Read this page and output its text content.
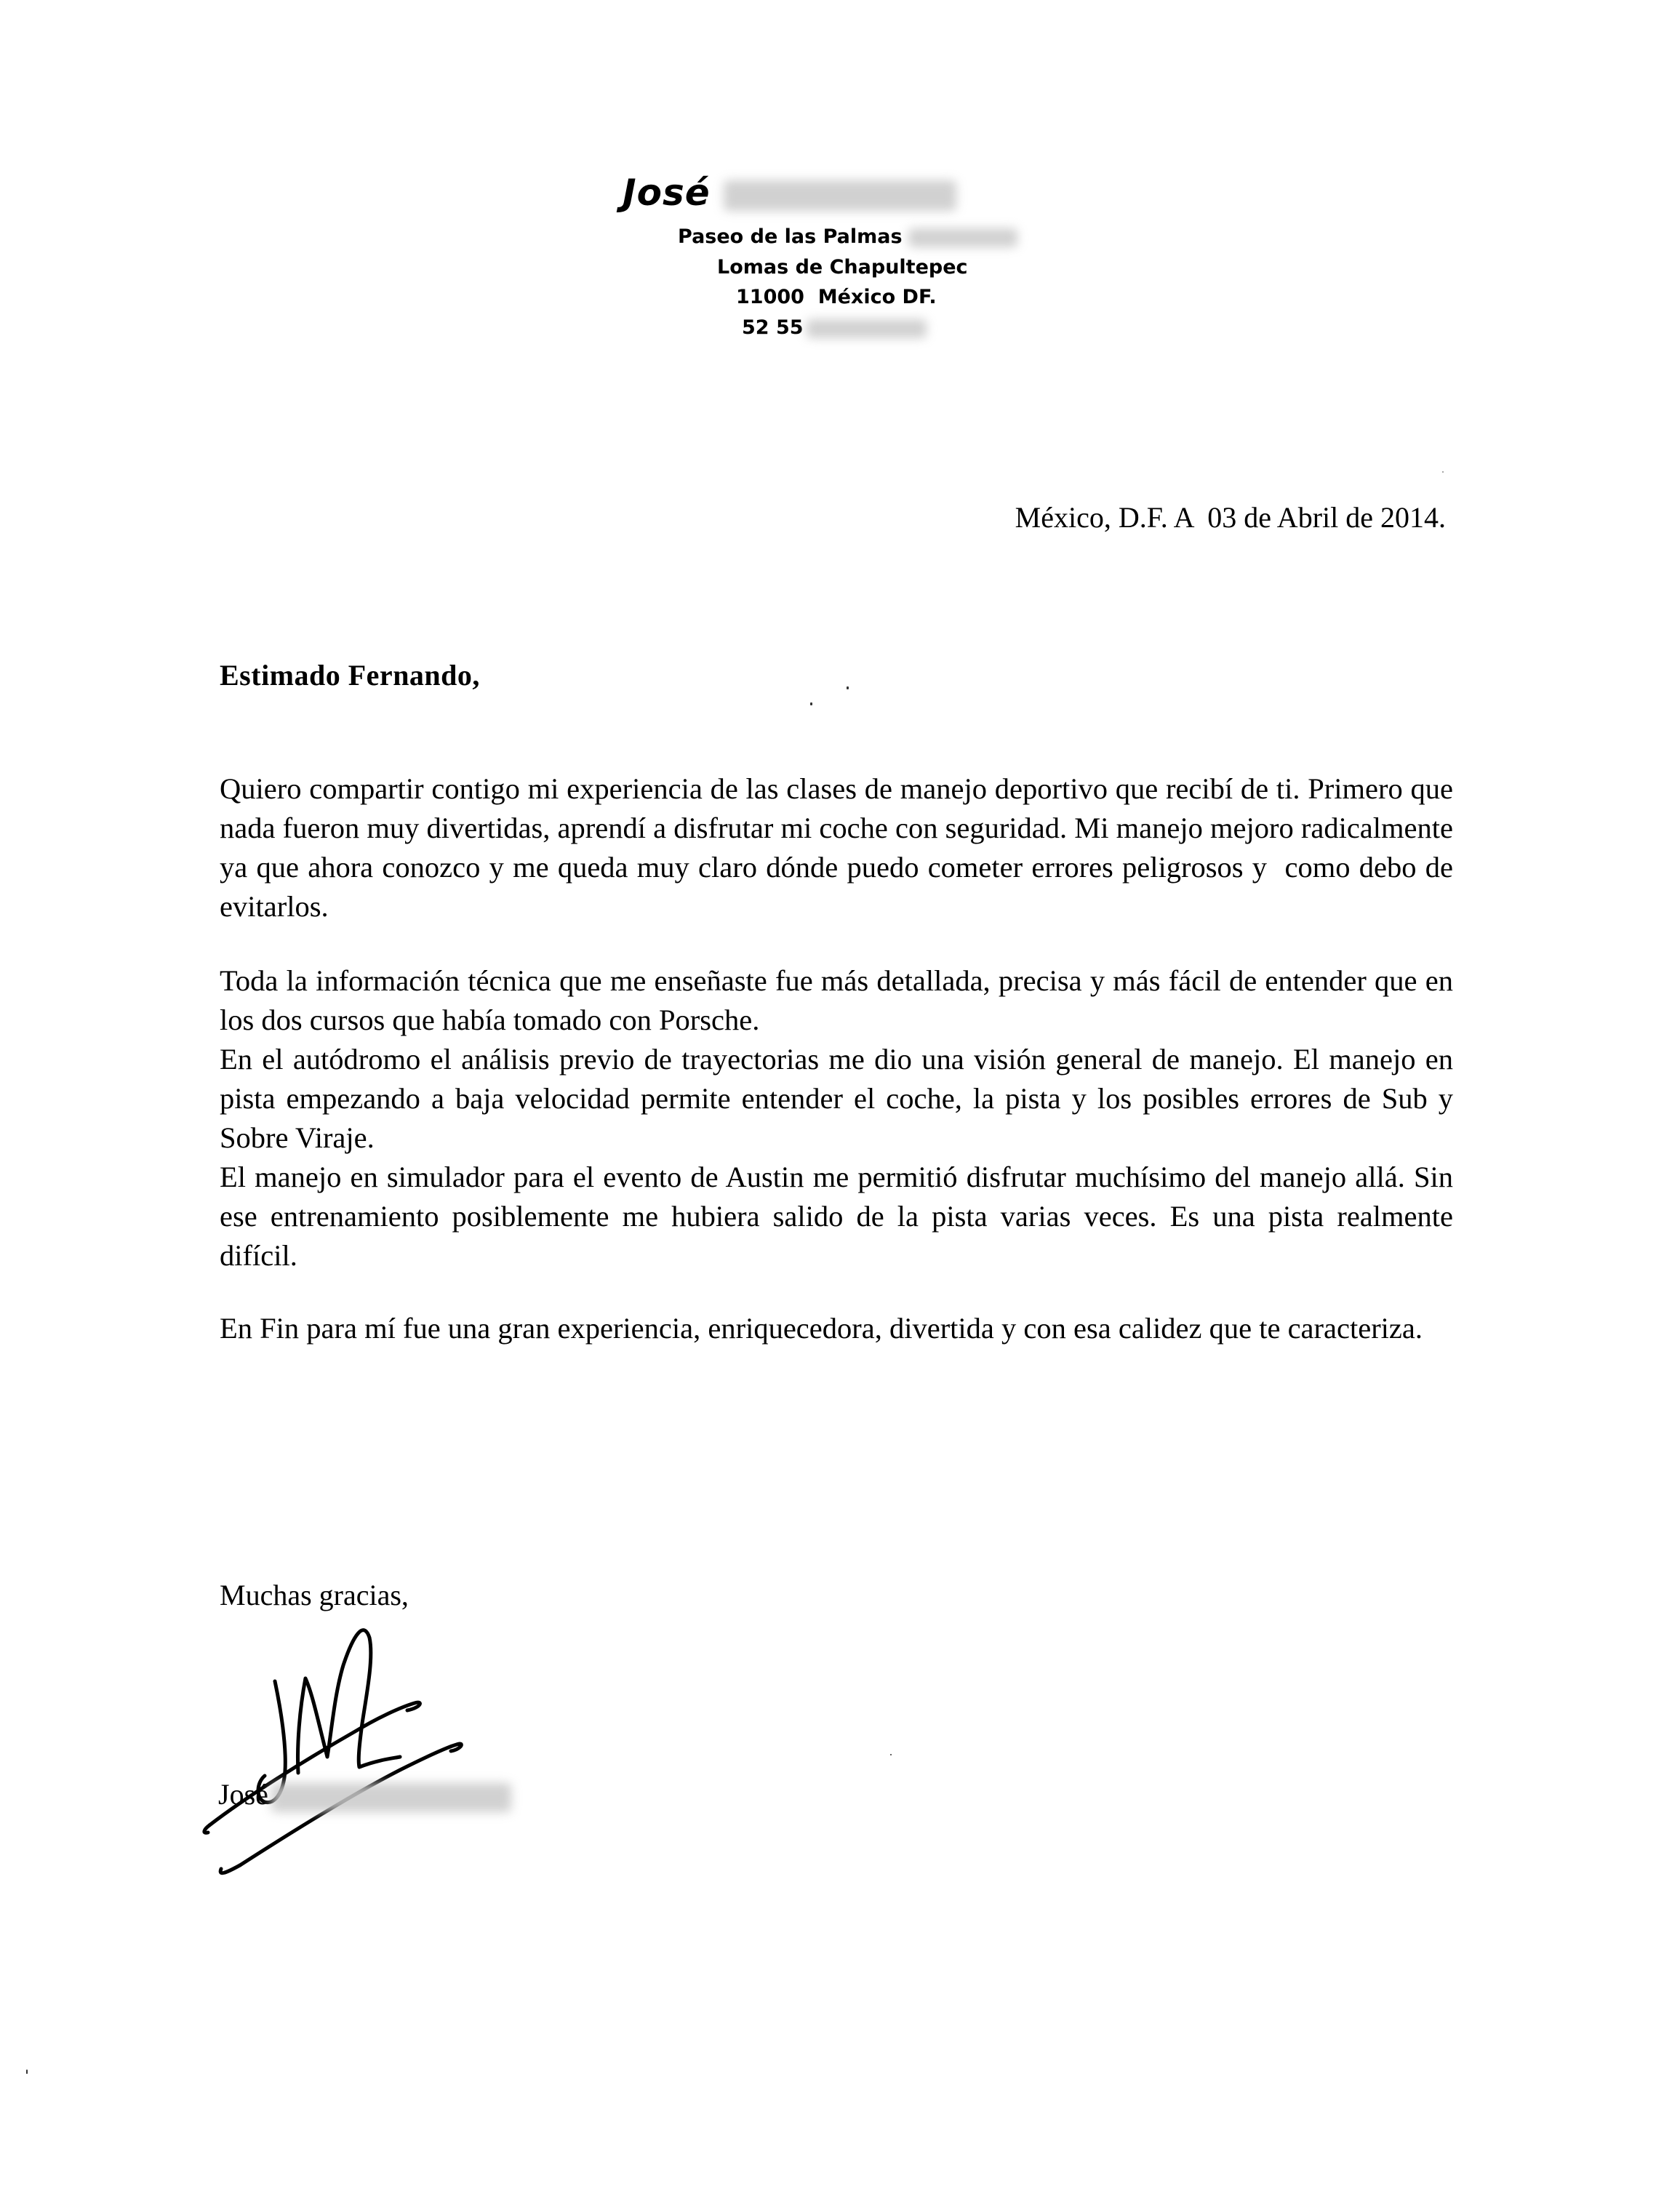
José
Paseo de las Palmas
Lomas de Chapultepec
11000  México DF.
52 55
México, D.F. A  03 de Abril de 2014.
Estimado Fernando,

Quiero compartir contigo mi experiencia de las clases de manejo deportivo que recibí de ti. Primero que nada fueron muy divertidas, aprendí a disfrutar mi coche con seguridad. Mi manejo mejoro radicalmente ya que ahora conozco y me queda muy claro dónde puedo cometer errores peligrosos y  como debo de evitarlos.

Toda la información técnica que me enseñaste fue más detallada, precisa y más fácil de entender que en los dos cursos que había tomado con Porsche.

En el autódromo el análisis previo de trayectorias me dio una visión general de manejo. El manejo en pista empezando a baja velocidad permite entender el coche, la pista y los posibles errores de Sub y Sobre Viraje.

El manejo en simulador para el evento de Austin me permitió disfrutar muchísimo del manejo allá. Sin ese entrenamiento posiblemente me hubiera salido de la pista varias veces. Es una pista realmente difícil.

En Fin para mí fue una gran experiencia, enriquecedora, divertida y con esa calidez que te caracteriza.

Muchas gracias,
José
